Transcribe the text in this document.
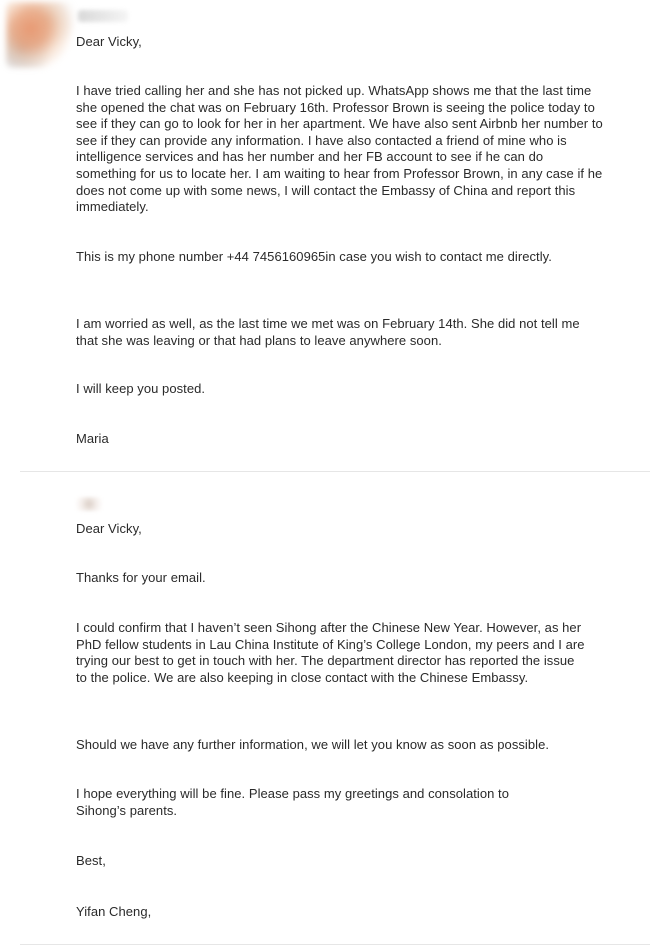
Dear Vicky,

I have tried calling her and she has not picked up. WhatsApp shows me that the last time she opened the chat was on February 16th. Professor Brown is seeing the police today to see if they can go to look for her in her apartment. We have also sent Airbnb her number to see if they can provide any information. I have also contacted a friend of mine who is intelligence services and has her number and her FB account to see if he can do something for us to locate her. I am waiting to hear from Professor Brown, in any case if he does not come up with some news, I will contact the Embassy of China and report this immediately.

This is my phone number +44 7456160965in case you wish to contact me directly.

I am worried as well, as the last time we met was on February 14th. She did not tell me that she was leaving or that had plans to leave anywhere soon.

I will keep you posted.

Maria

Dear Vicky,

Thanks for your email.

I could confirm that I haven’t seen Sihong after the Chinese New Year. However, as her PhD fellow students in Lau China Institute of King’s College London, my peers and I are trying our best to get in touch with her. The department director has reported the issue to the police. We are also keeping in close contact with the Chinese Embassy.

Should we have any further information, we will let you know as soon as possible.

I hope everything will be fine. Please pass my greetings and consolation to Sihong’s parents.

Best,

Yifan Cheng,
